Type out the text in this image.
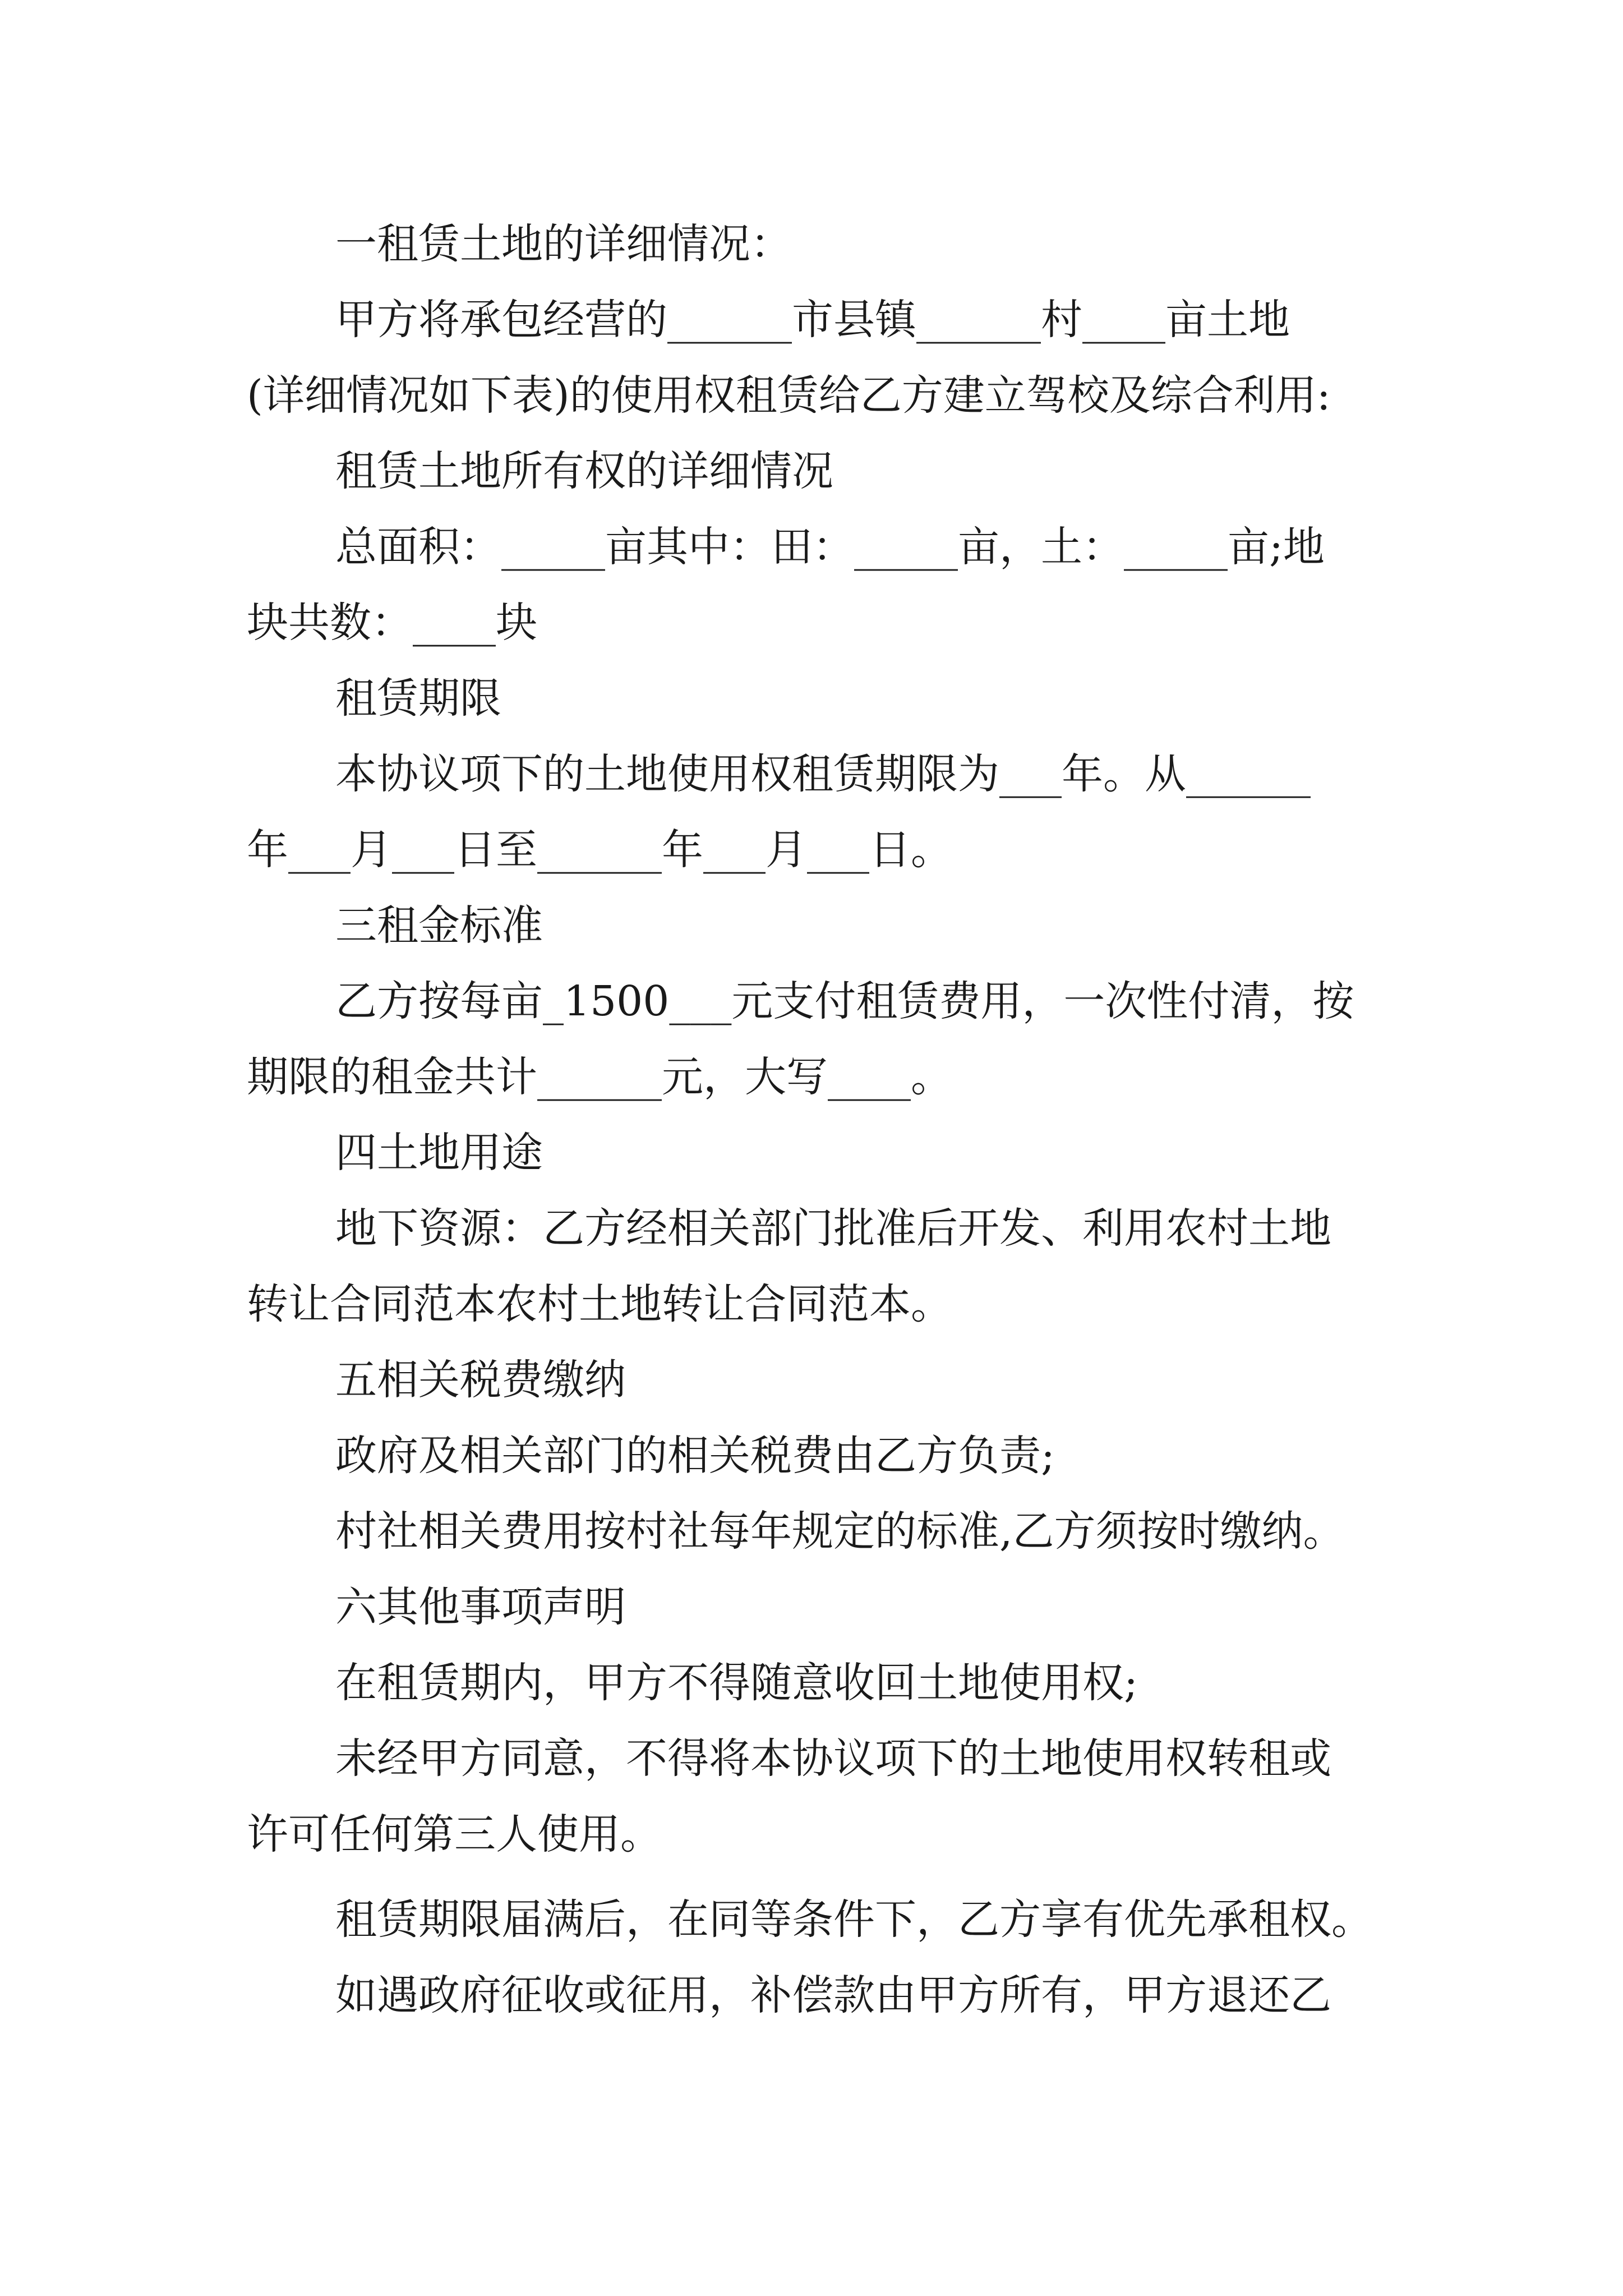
一租赁土地的详细情况：
甲方将承包经营的______市县镇______村____亩土地
(详细情况如下表)的使用权租赁给乙方建立驾校及综合利用:
租赁土地所有权的详细情况
总面积：_____亩其中：田：_____亩，土：_____亩;地
块共数：____块
租赁期限
本协议项下的土地使用权租赁期限为___年。从______
年___月___日至______年___月___日。
三租金标准
乙方按每亩_1500___元支付租赁费用，一次性付清，按
期限的租金共计______元，大写____。
四土地用途
地下资源：乙方经相关部门批准后开发、利用农村土地
转让合同范本农村土地转让合同范本。
五相关税费缴纳
政府及相关部门的相关税费由乙方负责;
村社相关费用按村社每年规定的标准,乙方须按时缴纳。
六其他事项声明
在租赁期内，甲方不得随意收回土地使用权;
未经甲方同意，不得将本协议项下的土地使用权转租或
许可任何第三人使用。
租赁期限届满后，在同等条件下，乙方享有优先承租权。
如遇政府征收或征用，补偿款由甲方所有，甲方退还乙
